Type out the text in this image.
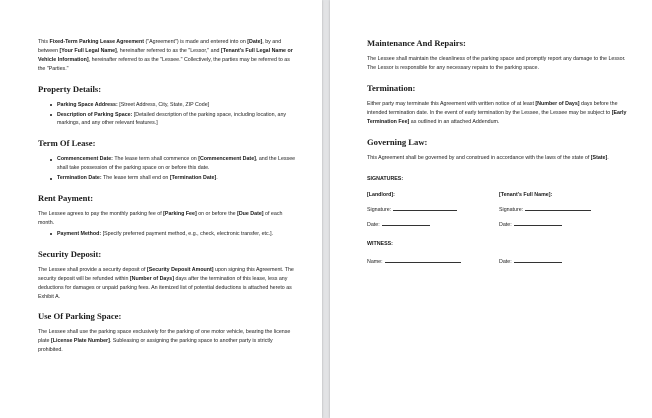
This Fixed-Term Parking Lease Agreement ("Agreement") is made and entered into on [Date], by and between [Your Full Legal Name], hereinafter referred to as the "Lessor," and [Tenant's Full Legal Name or Vehicle Information], hereinafter referred to as the "Lessee." Collectively, the parties may be referred to as the "Parties."

Property Details:
Parking Space Address: [Street Address, City, State, ZIP Code]
Description of Parking Space: [Detailed description of the parking space, including location, any markings, and any other relevant features.]
Term Of Lease:
Commencement Date: The lease term shall commence on [Commencement Date], and the Lessee shall take possession of the parking space on or before this date.
Termination Date: The lease term shall end on [Termination Date].
Rent Payment:

The Lessee agrees to pay the monthly parking fee of [Parking Fee] on or before the [Due Date] of each month.

Payment Method: [Specify preferred payment method, e.g., check, electronic transfer, etc.].
Security Deposit:

The Lessee shall provide a security deposit of [Security Deposit Amount] upon signing this Agreement. The security deposit will be refunded within [Number of Days] days after the termination of this lease, less any deductions for damages or unpaid parking fees. An itemized list of potential deductions is attached hereto as Exhibit A.

Use Of Parking Space:

The Lessee shall use the parking space exclusively for the parking of one motor vehicle, bearing the license plate [License Plate Number]. Subleasing or assigning the parking space to another party is strictly prohibited.

Maintenance And Repairs:

The Lessee shall maintain the cleanliness of the parking space and promptly report any damage to the Lessor. The Lessor is responsible for any necessary repairs to the parking space.

Termination:

Either party may terminate this Agreement with written notice of at least [Number of Days] days before the intended termination date. In the event of early termination by the Lessee, the Lessee may be subject to [Early Termination Fee] as outlined in an attached Addendum.

Governing Law:

This Agreement shall be governed by and construed in accordance with the laws of the state of [State].

SIGNATURES:
[Landlord]:	[Tenant's Full Name]:
Signature:	Signature:
Date:	Date:
WITNESS:
Name:	Date:
